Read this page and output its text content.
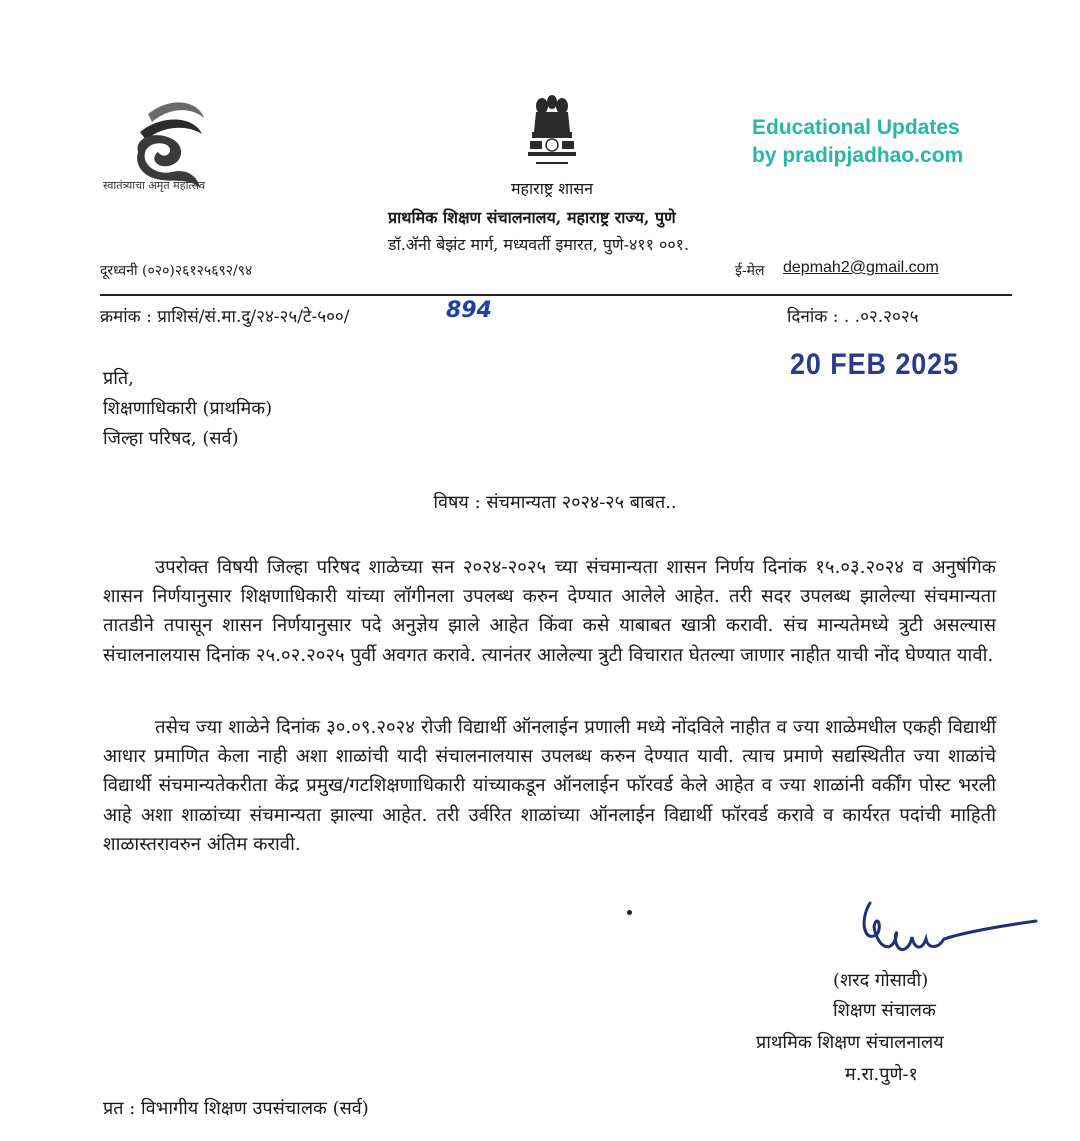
स्वातंत्र्याचा अमृत महोत्सव
Educational Updates
by pradipjadhao.com
महाराष्ट्र शासन
प्राथमिक शिक्षण संचालनालय, महाराष्ट्र राज्य, पुणे
डॉ.ॲनी बेझंट मार्ग, मध्यवर्ती इमारत, पुणे-४११ ००१.
दूरध्वनी (०२०)२६१२५६९२/९४	ई-मेल depmah2@gmail.com
क्रमांक : प्राशिसं/सं.मा.दु/२४-२५/टे-५००/	894	दिनांक : . .०२.२०२५
20 FEB 2025
प्रति,
शिक्षणाधिकारी (प्राथमिक)
जिल्हा परिषद, (सर्व)
विषय : संचमान्यता २०२४-२५ बाबत..
उपरोक्त विषयी जिल्हा परिषद शाळेच्या सन २०२४-२०२५ च्या संचमान्यता शासन निर्णय दिनांक १५.०३.२०२४ व अनुषंगिक शासन निर्णयानुसार शिक्षणाधिकारी यांच्या लॉगीनला उपलब्ध करुन देण्यात आलेले आहेत. तरी सदर उपलब्ध झालेल्या संचमान्यता तातडीने तपासून शासन निर्णयानुसार पदे अनुज्ञेय झाले आहेत किंवा कसे याबाबत खात्री करावी. संच मान्यतेमध्ये त्रुटी असल्यास संचालनालयास दिनांक २५.०२.२०२५ पुर्वी अवगत करावे. त्यानंतर आलेल्या त्रुटी विचारात घेतल्या जाणार नाहीत याची नोंद घेण्यात यावी.
तसेच ज्या शाळेने दिनांक ३०.०९.२०२४ रोजी विद्यार्थी ऑनलाईन प्रणाली मध्ये नोंदविले नाहीत व ज्या शाळेमधील एकही विद्यार्थी आधार प्रमाणित केला नाही अशा शाळांची यादी संचालनालयास उपलब्ध करुन देण्यात यावी. त्याच प्रमाणे सद्यस्थितीत ज्या शाळांचे विद्यार्थी संचमान्यतेकरीता केंद्र प्रमुख/गटशिक्षणाधिकारी यांच्याकडून ऑनलाईन फॉरवर्ड केले आहेत व ज्या शाळांनी वर्कींग पोस्ट भरली आहे अशा शाळांच्या संचमान्यता झाल्या आहेत. तरी उर्वरित शाळांच्या ऑनलाईन विद्यार्थी फॉरवर्ड करावे व कार्यरत पदांची माहिती शाळास्तरावरुन अंतिम करावी.
(शरद गोसावी)
शिक्षण संचालक
प्राथमिक शिक्षण संचालनालय
म.रा.पुणे-१
प्रत : विभागीय शिक्षण उपसंचालक (सर्व)
